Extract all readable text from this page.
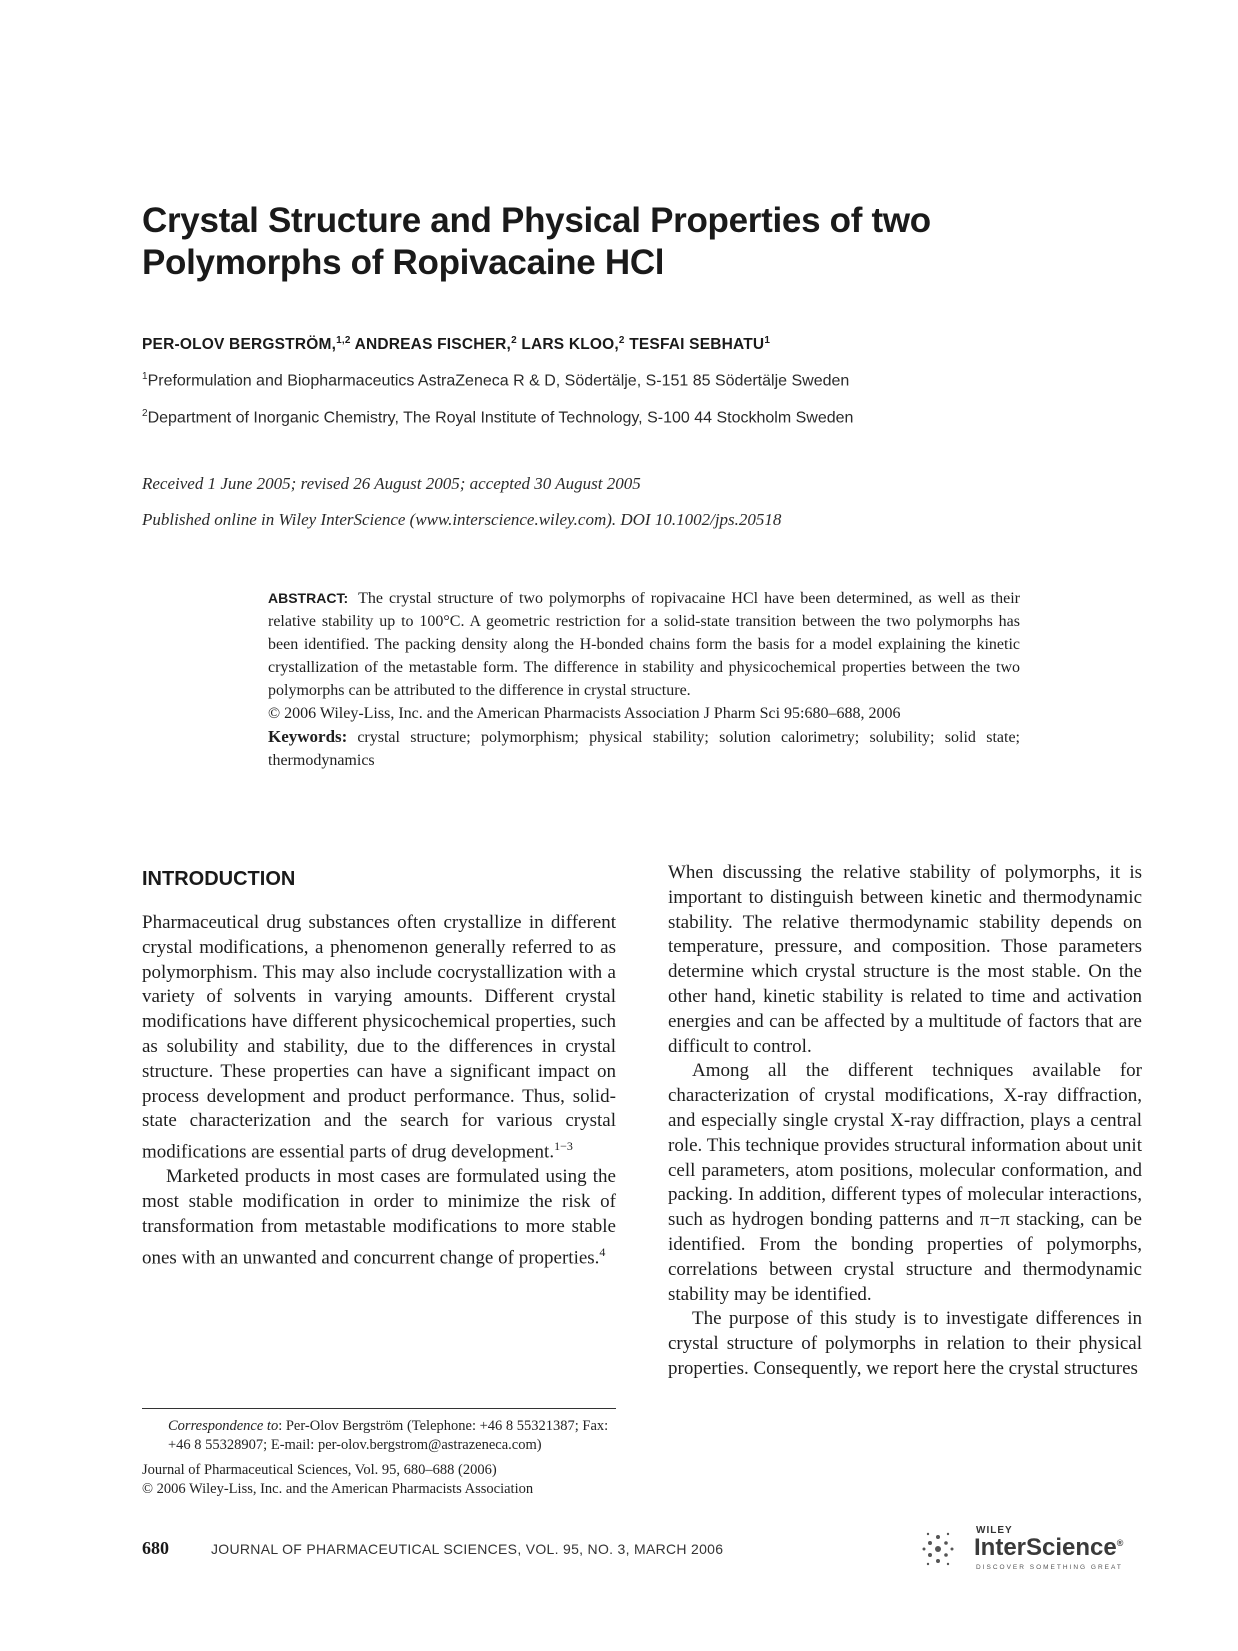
Crystal Structure and Physical Properties of two
Polymorphs of Ropivacaine HCl
PER-OLOV BERGSTRÖM,$^{1,2}$ ANDREAS FISCHER,$^2$ LARS KLOO,$^2$ TESFAI SEBHATU$^1$
$^1$Preformulation and Biopharmaceutics AstraZeneca R & D, Södertälje, S-151 85 Södertälje Sweden
$^2$Department of Inorganic Chemistry, The Royal Institute of Technology, S-100 44 Stockholm Sweden
Received 1 June 2005; revised 26 August 2005; accepted 30 August 2005
Published online in Wiley InterScience (www.interscience.wiley.com). DOI 10.1002/jps.20518

ABSTRACT: The crystal structure of two polymorphs of ropivacaine HCl have been determined, as well as their relative stability up to 100°C. A geometric restriction for a solid-state transition between the two polymorphs has been identified. The packing density along the H-bonded chains form the basis for a model explaining the kinetic crystallization of the metastable form. The difference in stability and physicochemical properties between the two polymorphs can be attributed to the difference in crystal structure.

© 2006 Wiley-Liss, Inc. and the American Pharmacists Association J Pharm Sci 95:680–688, 2006

Keywords: crystal structure; polymorphism; physical stability; solution calorimetry; solubility; solid state; thermodynamics

INTRODUCTION

Pharmaceutical drug substances often crystallize in different crystal modifications, a phenomenon generally referred to as polymorphism. This may also include cocrystallization with a variety of solvents in varying amounts. Different crystal modifications have different physicochemical properties, such as solubility and stability, due to the differences in crystal structure. These properties can have a significant impact on process development and product performance. Thus, solid-state characterization and the search for various crystal modifications are essential parts of drug development.$^{1-3}$

Marketed products in most cases are formulated using the most stable modification in order to minimize the risk of transformation from metastable modifications to more stable ones with an unwanted and concurrent change of properties.$^4$

When discussing the relative stability of polymorphs, it is important to distinguish between kinetic and thermodynamic stability. The relative thermodynamic stability depends on temperature, pressure, and composition. Those parameters determine which crystal structure is the most stable. On the other hand, kinetic stability is related to time and activation energies and can be affected by a multitude of factors that are difficult to control.

Among all the different techniques available for characterization of crystal modifications, X-ray diffraction, and especially single crystal X-ray diffraction, plays a central role. This technique provides structural information about unit cell parameters, atom positions, molecular conformation, and packing. In addition, different types of molecular interactions, such as hydrogen bonding patterns and π−π stacking, can be identified. From the bonding properties of polymorphs, correlations between crystal structure and thermodynamic stability may be identified.

The purpose of this study is to investigate differences in crystal structure of polymorphs in relation to their physical properties. Consequently, we report here the crystal structures

Correspondence to: Per-Olov Bergström (Telephone: +46 8 55321387; Fax: +46 8 55328907; E-mail: per-olov.bergstrom@astrazeneca.com)

Journal of Pharmaceutical Sciences, Vol. 95, 680–688 (2006)

© 2006 Wiley-Liss, Inc. and the American Pharmacists Association

680	JOURNAL OF PHARMACEUTICAL SCIENCES, VOL. 95, NO. 3, MARCH 2006
WILEY
InterScience®
DISCOVER SOMETHING GREAT
